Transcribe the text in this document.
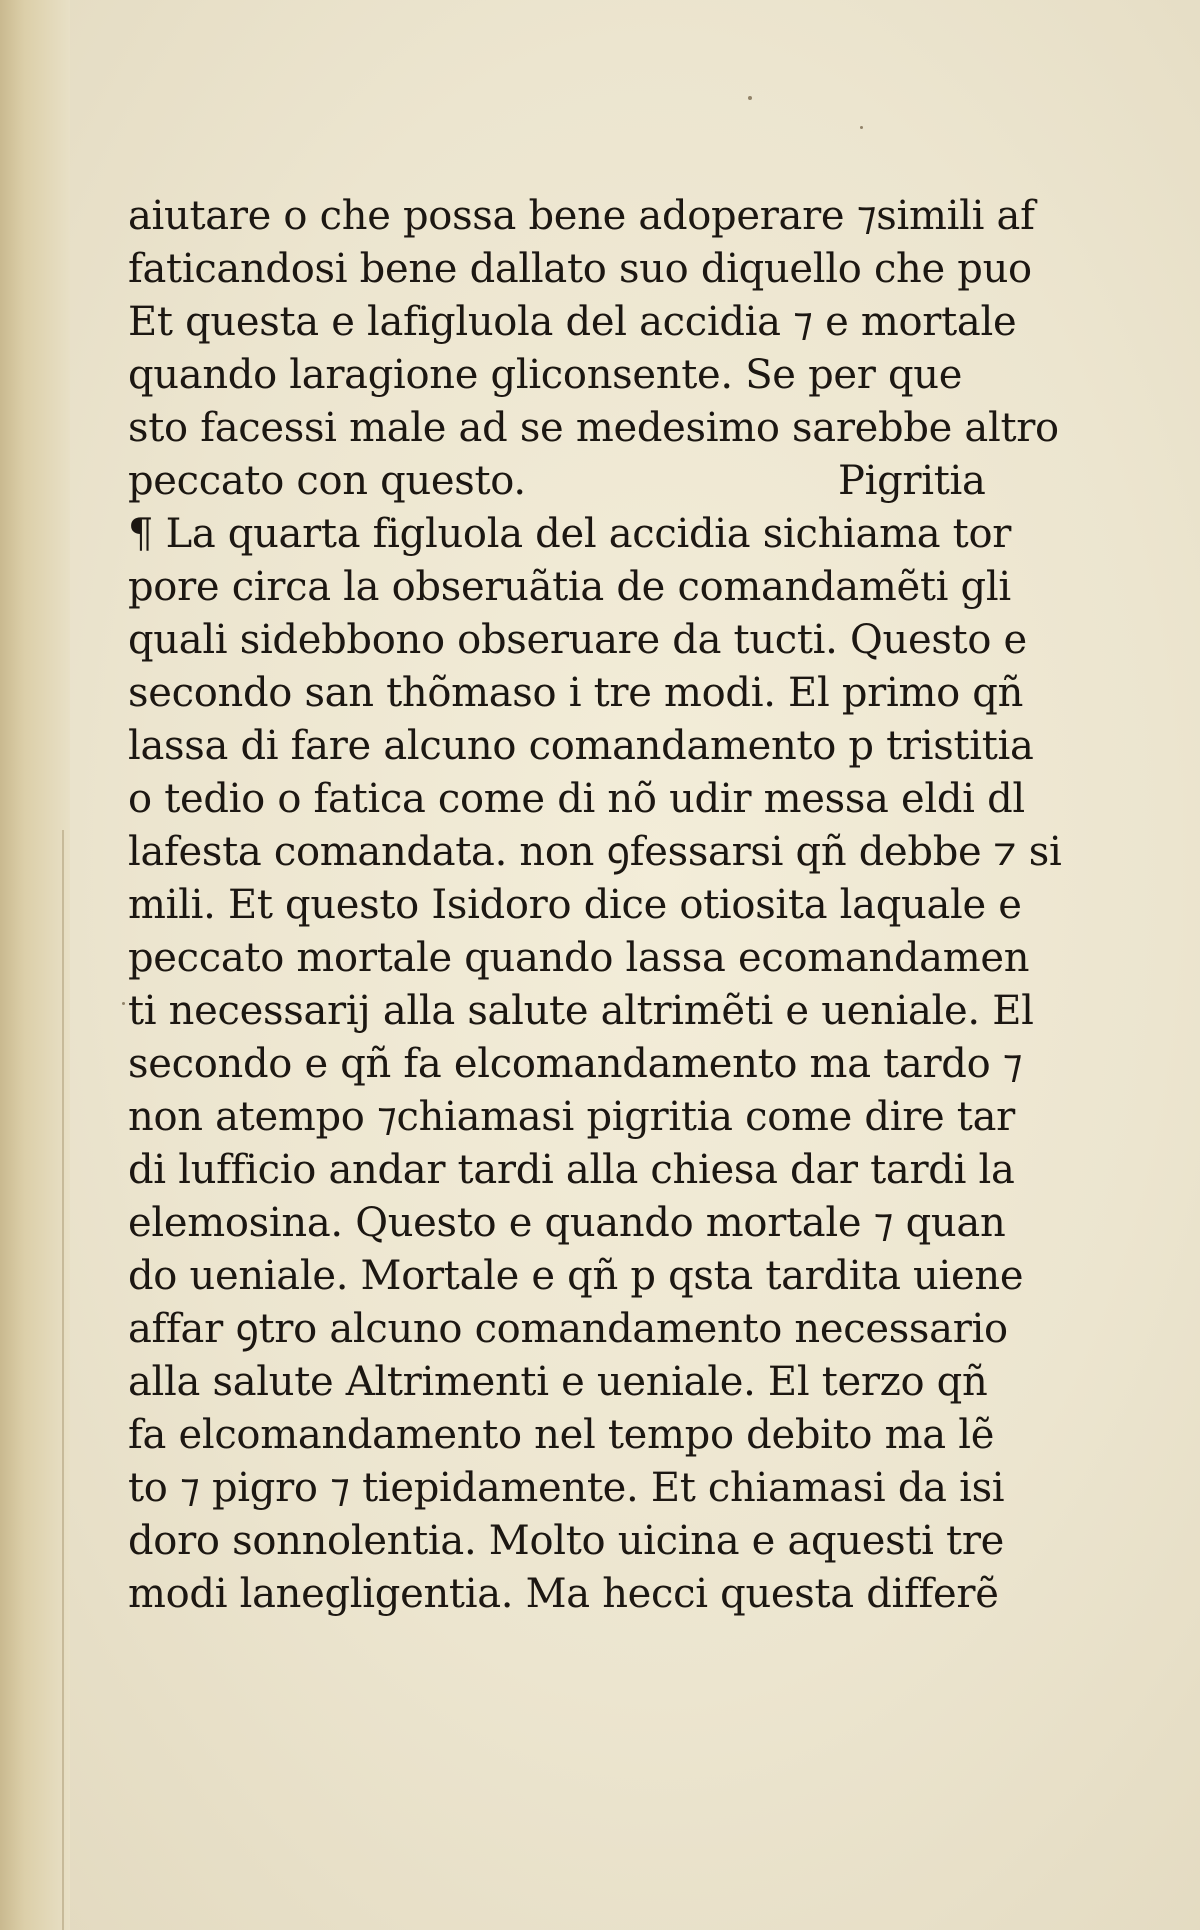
aiutare o che possa bene adoperare ⁊simili af
faticandosi bene dallato suo diquello che puo
Et questa e lafigluola del accidia ⁊ e mortale
quando laragione gliconsente. Se per que
sto facessi male ad se medesimo sarebbe altro
peccato con questo.
¶ La quarta figluola del accidia sichiama tor
pore circa la obseruãtia de comandamẽti gli
quali sidebbono obseruare da tucti. Questo e
secondo san thõmaso i tre modi. El primo qñ
lassa di fare alcuno comandamento p tristitia
o tedio o fatica come di nõ udir messa eldi dl
lafesta comandata. non ꝯfessarsi qñ debbe ⁊ si
mili. Et questo Isidoro dice otiosita laquale e
peccato mortale quando lassa ecomandamen
ti necessarij alla salute altrimẽti e ueniale. El
secondo e qñ fa elcomandamento ma tardo ⁊
non atempo ⁊chiamasi pigritia come dire tar
di lufficio andar tardi alla chiesa dar tardi la
elemosina. Questo e quando mortale ⁊ quan
do ueniale. Mortale e qñ p qsta tardita uiene
affar ꝯtro alcuno comandamento necessario
alla salute Altrimenti e ueniale. El terzo qñ
fa elcomandamento nel tempo debito ma lẽ
to ⁊ pigro ⁊ tiepidamente. Et chiamasi da isi
doro sonnolentia. Molto uicina e aquesti tre
modi lanegligentia. Ma hecci questa differẽ
Pigritia
